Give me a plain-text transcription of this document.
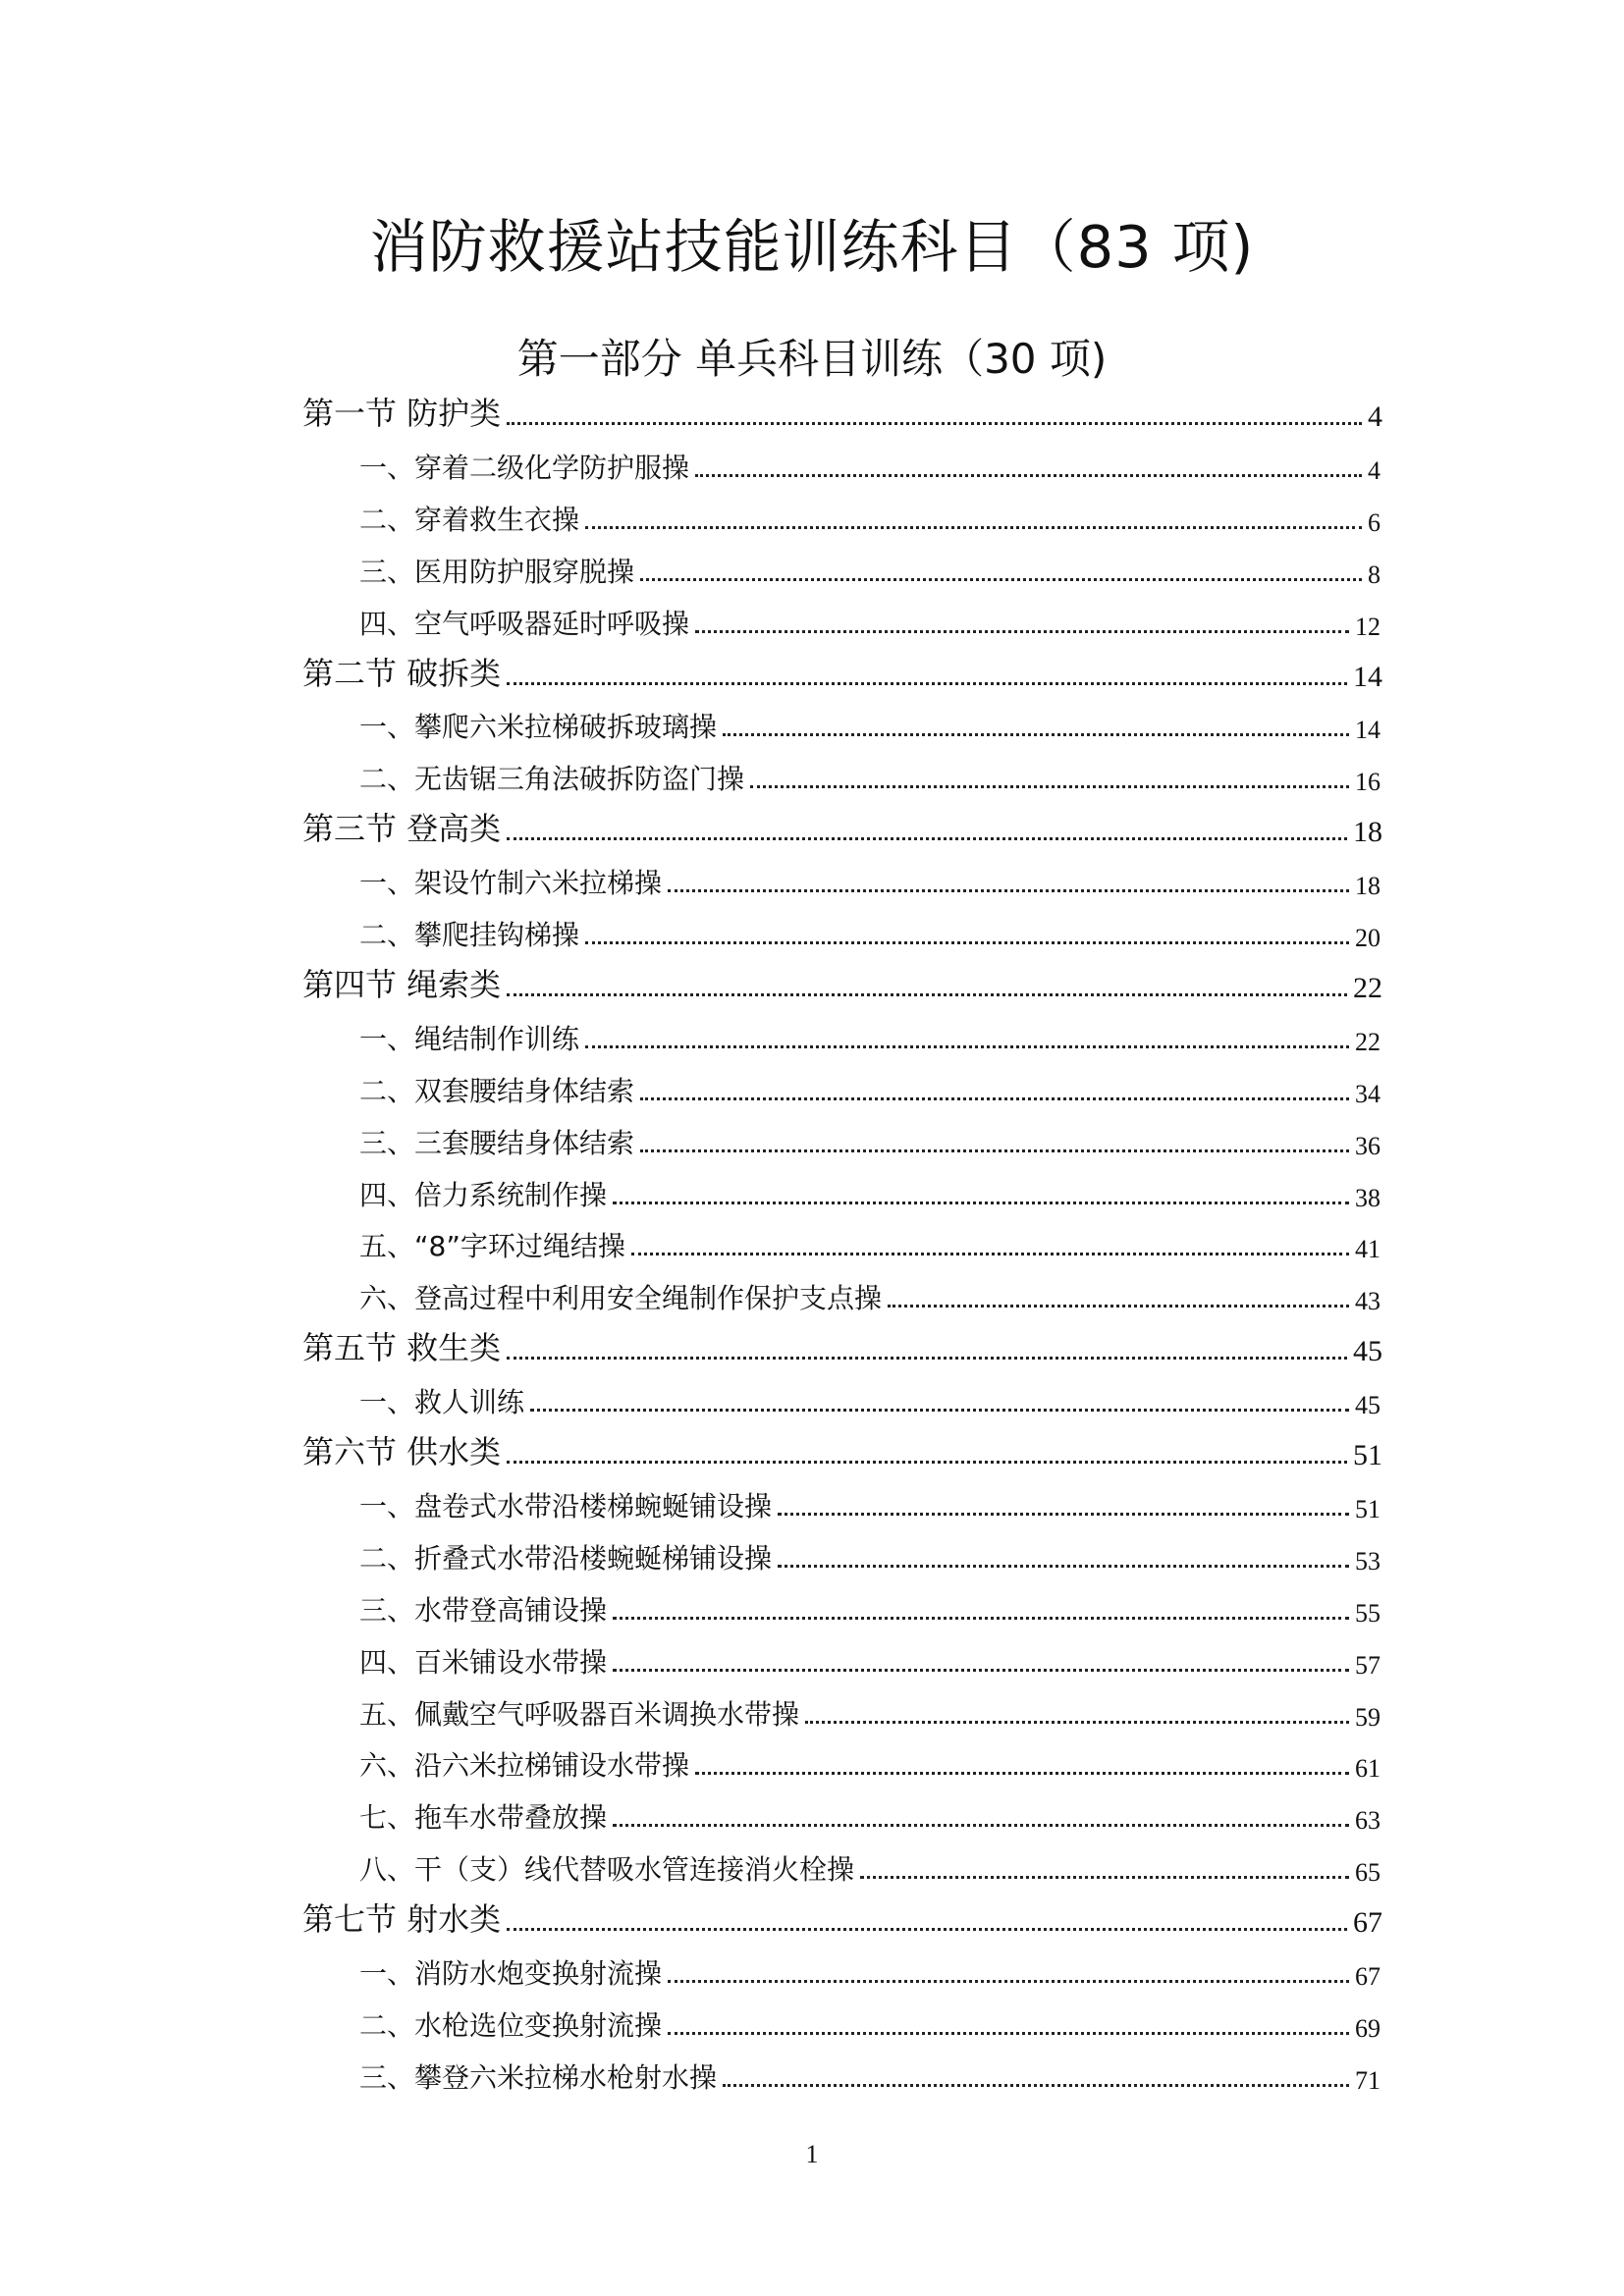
消防救援站技能训练科目（83 项)
第一部分 单兵科目训练（30 项)
第一节 防护类	4
一、穿着二级化学防护服操	4
二、穿着救生衣操	6
三、医用防护服穿脱操	8
四、空气呼吸器延时呼吸操	12
第二节 破拆类	14
一、攀爬六米拉梯破拆玻璃操	14
二、无齿锯三角法破拆防盗门操	16
第三节 登高类	18
一、架设竹制六米拉梯操	18
二、攀爬挂钩梯操	20
第四节 绳索类	22
一、绳结制作训练	22
二、双套腰结身体结索	34
三、三套腰结身体结索	36
四、倍力系统制作操	38
五、“8”字环过绳结操	41
六、登高过程中利用安全绳制作保护支点操	43
第五节 救生类	45
一、救人训练	45
第六节 供水类	51
一、盘卷式水带沿楼梯蜿蜒铺设操	51
二、折叠式水带沿楼蜿蜒梯铺设操	53
三、水带登高铺设操	55
四、百米铺设水带操	57
五、佩戴空气呼吸器百米调换水带操	59
六、沿六米拉梯铺设水带操	61
七、拖车水带叠放操	63
八、干（支）线代替吸水管连接消火栓操	65
第七节 射水类	67
一、消防水炮变换射流操	67
二、水枪选位变换射流操	69
三、攀登六米拉梯水枪射水操	71
1
